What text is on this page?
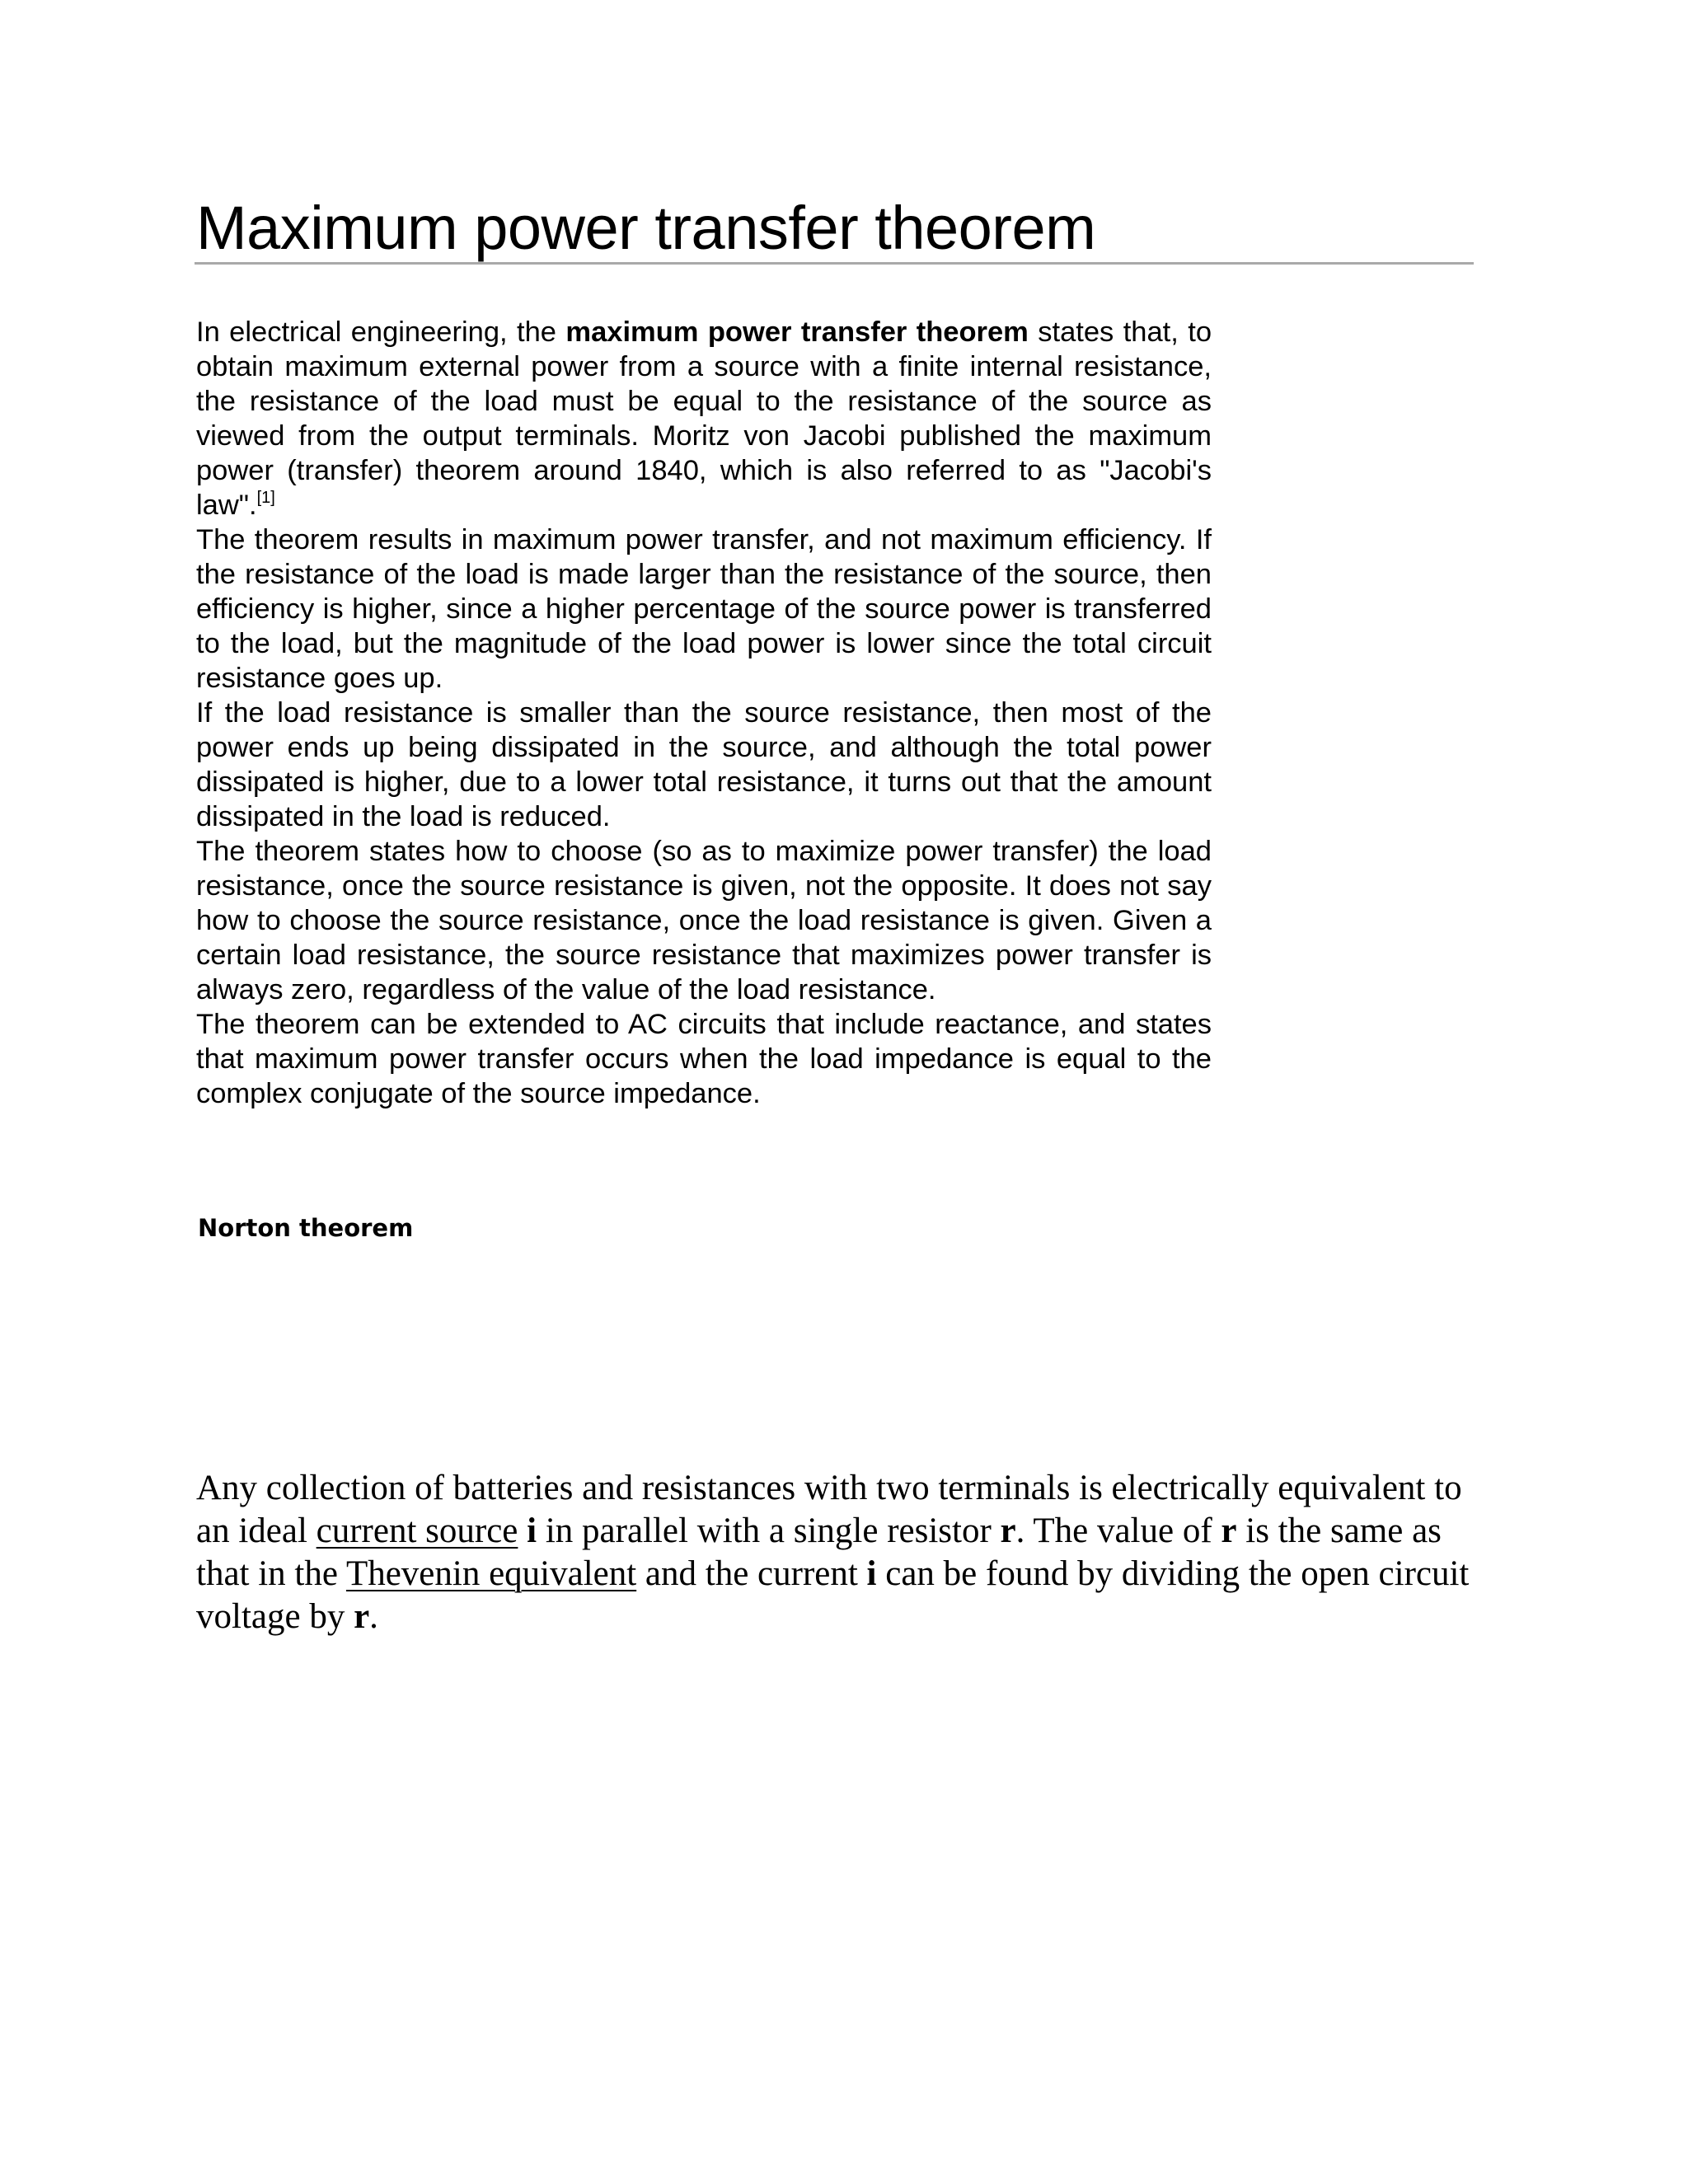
Maximum power transfer theorem

In electrical engineering, the maximum power transfer theorem states that, to obtain maximum external power from a source with a finite internal resistance, the resistance of the load must be equal to the resistance of the source as viewed from the output terminals. Moritz von Jacobi published the maximum power (transfer) theorem around 1840, which is also referred to as "Jacobi's law".[1]

The theorem results in maximum power transfer, and not maximum efficiency. If the resistance of the load is made larger than the resistance of the source, then efficiency is higher, since a higher percentage of the source power is transferred to the load, but the magnitude of the load power is lower since the total circuit resistance goes up.

If the load resistance is smaller than the source resistance, then most of the power ends up being dissipated in the source, and although the total power dissipated is higher, due to a lower total resistance, it turns out that the amount dissipated in the load is reduced.

The theorem states how to choose (so as to maximize power transfer) the load resistance, once the source resistance is given, not the opposite. It does not say how to choose the source resistance, once the load resistance is given. Given a certain load resistance, the source resistance that maximizes power transfer is always zero, regardless of the value of the load resistance.

The theorem can be extended to AC circuits that include reactance, and states that maximum power transfer occurs when the load impedance is equal to the complex conjugate of the source impedance.

Norton theorem

Any collection of batteries and resistances with two terminals is electrically equivalent to an ideal current source i in parallel with a single resistor r. The value of r is the same as that in the Thevenin equivalent and the current i can be found by dividing the open circuit voltage by r.
